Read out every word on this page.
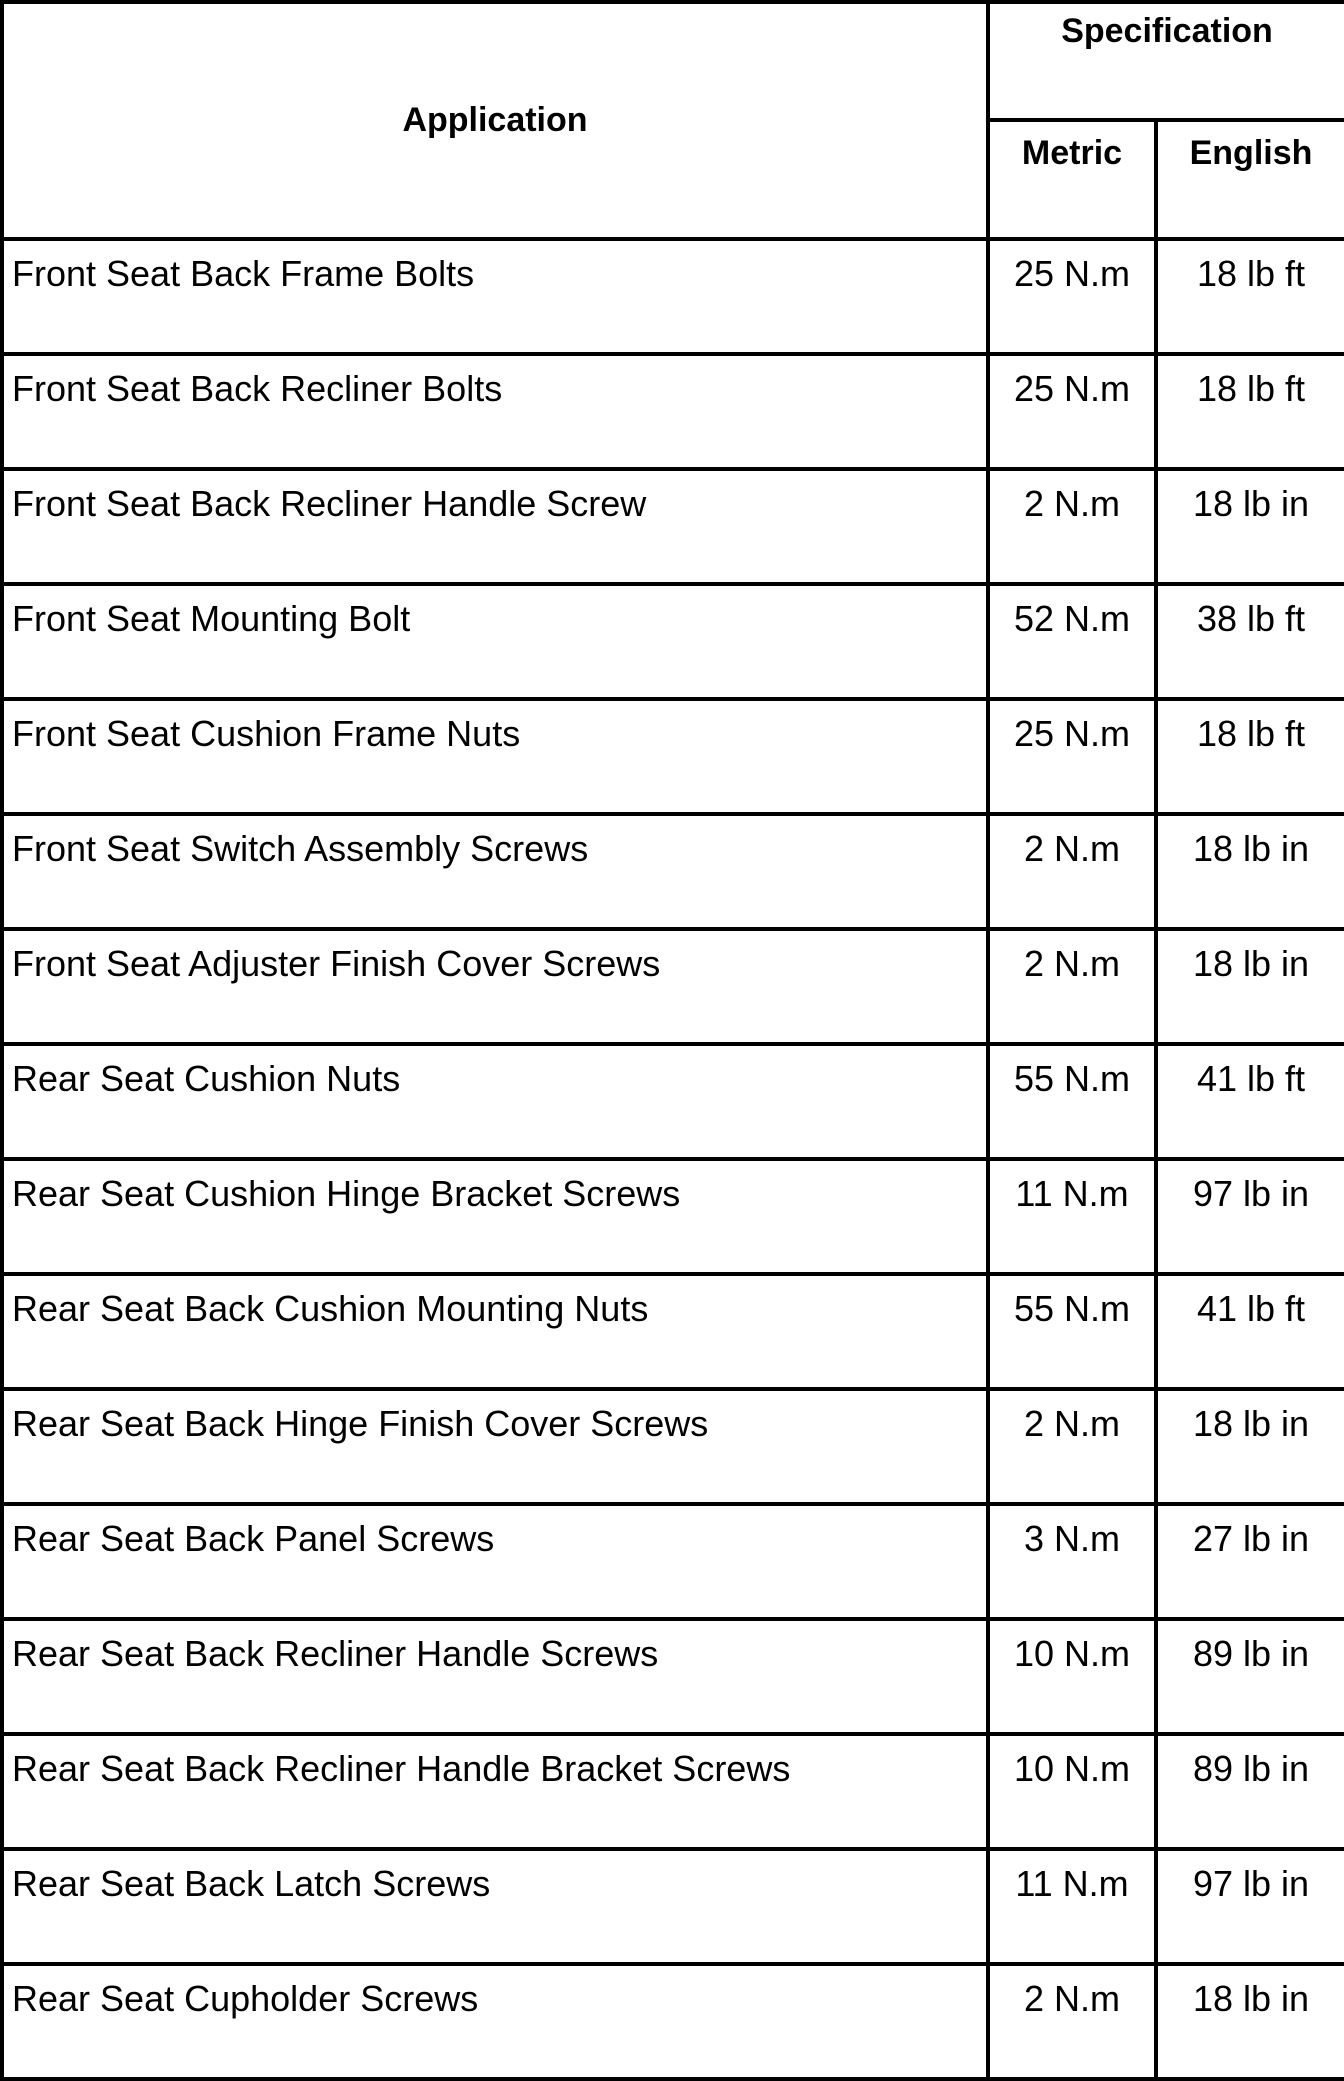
Application	Specification	
	Metric	English
Front Seat Back Frame Bolts	25 N.m	18 lb ft
Front Seat Back Recliner Bolts	25 N.m	18 lb ft
Front Seat Back Recliner Handle Screw	2 N.m	18 lb in
Front Seat Mounting Bolt	52 N.m	38 lb ft
Front Seat Cushion Frame Nuts	25 N.m	18 lb ft
Front Seat Switch Assembly Screws	2 N.m	18 lb in
Front Seat Adjuster Finish Cover Screws	2 N.m	18 lb in
Rear Seat Cushion Nuts	55 N.m	41 lb ft
Rear Seat Cushion Hinge Bracket Screws	11 N.m	97 lb in
Rear Seat Back Cushion Mounting Nuts	55 N.m	41 lb ft
Rear Seat Back Hinge Finish Cover Screws	2 N.m	18 lb in
Rear Seat Back Panel Screws	3 N.m	27 lb in
Rear Seat Back Recliner Handle Screws	10 N.m	89 lb in
Rear Seat Back Recliner Handle Bracket Screws	10 N.m	89 lb in
Rear Seat Back Latch Screws	11 N.m	97 lb in
Rear Seat Cupholder Screws	2 N.m	18 lb in
